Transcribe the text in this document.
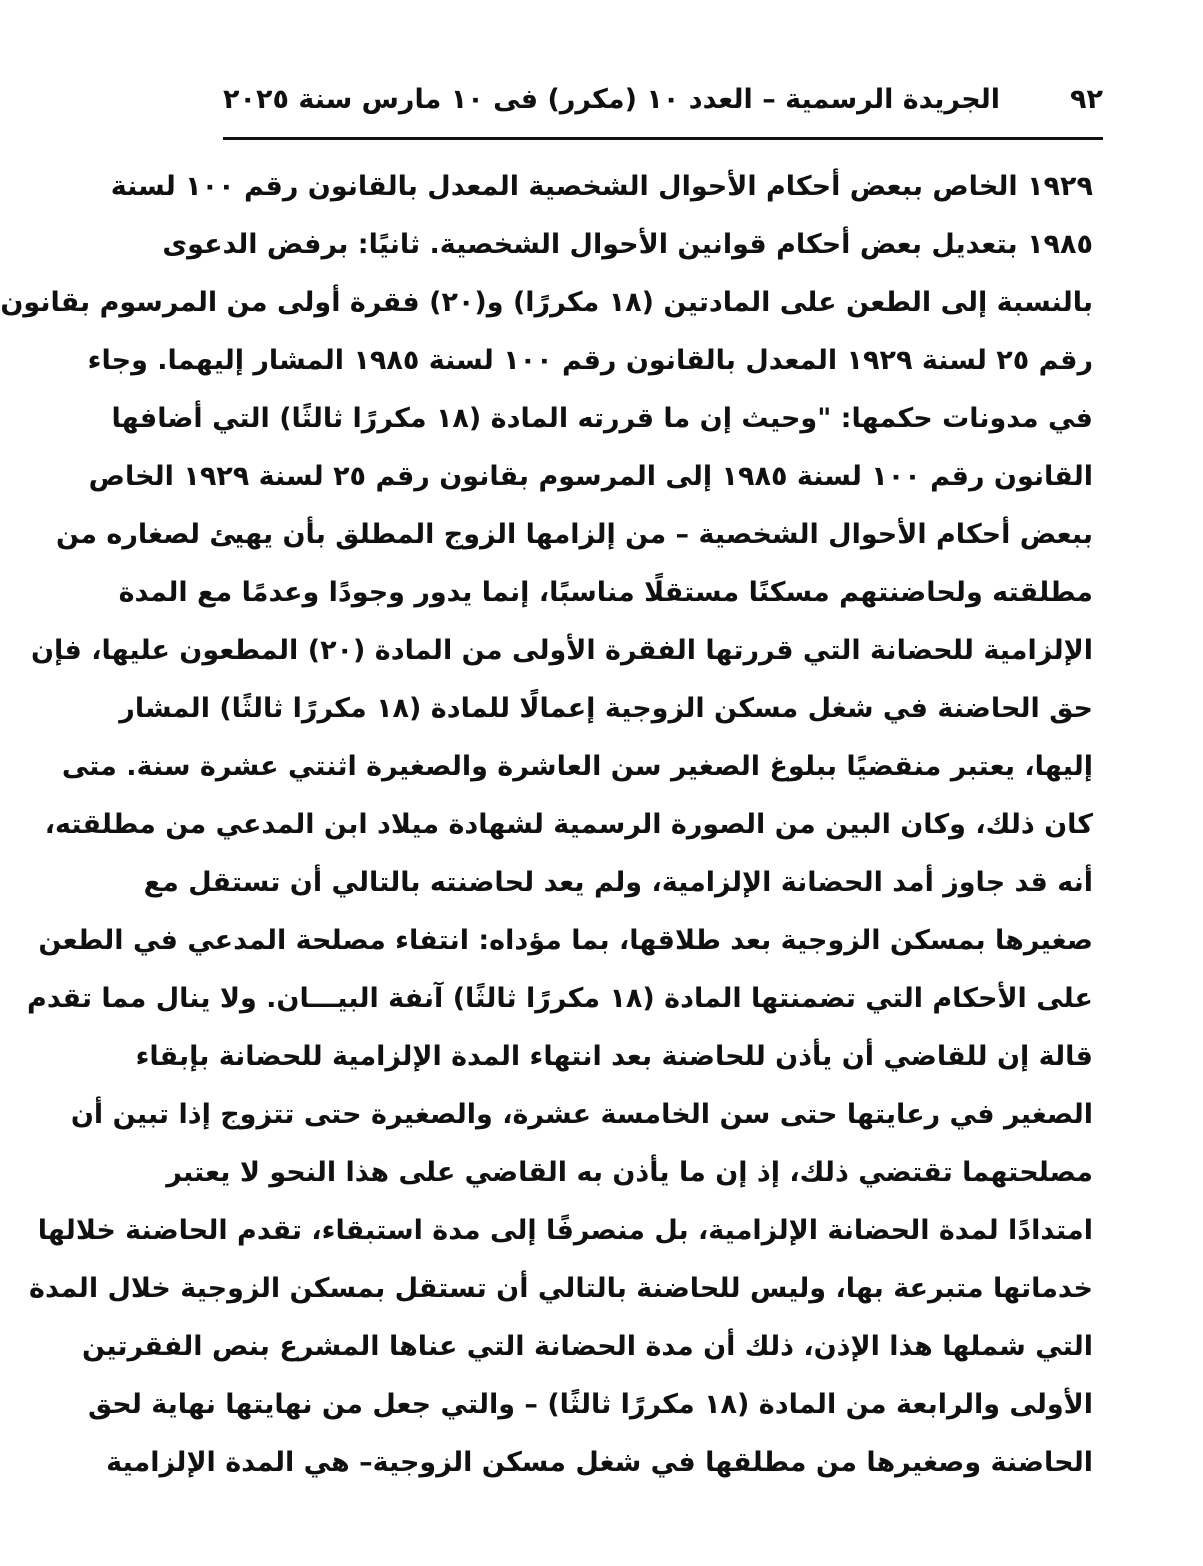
٩٢
الجريدة الرسمية – العدد ١٠ (مكرر) فى ١٠ مارس سنة ٢٠٢٥
١٩٢٩ الخاص ببعض أحكام الأحوال الشخصية المعدل بالقانون رقم ١٠٠ لسنة
١٩٨٥ بتعديل بعض أحكام قوانين الأحوال الشخصية. ثانيًا: برفض الدعوى
بالنسبة إلى الطعن على المادتين (١٨ مكررًا) و(٢٠) فقرة أولى من المرسوم بقانون
رقم ٢٥ لسنة ١٩٢٩ المعدل بالقانون رقم ١٠٠ لسنة ١٩٨٥ المشار إليهما. وجاء
في مدونات حكمها: "وحيث إن ما قررته المادة (١٨ مكررًا ثالثًا) التي أضافها
القانون رقم ١٠٠ لسنة ١٩٨٥ إلى المرسوم بقانون رقم ٢٥ لسنة ١٩٢٩ الخاص
ببعض أحكام الأحوال الشخصية – من إلزامها الزوج المطلق بأن يهيئ لصغاره من
مطلقته ولحاضنتهم مسكنًا مستقلًا مناسبًا، إنما يدور وجودًا وعدمًا مع المدة
الإلزامية للحضانة التي قررتها الفقرة الأولى من المادة (٢٠) المطعون عليها، فإن
حق الحاضنة في شغل مسكن الزوجية إعمالًا للمادة (١٨ مكررًا ثالثًا) المشار
إليها، يعتبر منقضيًا ببلوغ الصغير سن العاشرة والصغيرة اثنتي عشرة سنة. متى
كان ذلك، وكان البين من الصورة الرسمية لشهادة ميلاد ابن المدعي من مطلقته،
أنه قد جاوز أمد الحضانة الإلزامية، ولم يعد لحاضنته بالتالي أن تستقل مع
صغيرها بمسكن الزوجية بعد طلاقها، بما مؤداه: انتفاء مصلحة المدعي في الطعن
على الأحكام التي تضمنتها المادة (١٨ مكررًا ثالثًا) آنفة البيـــان. ولا ينال مما تقدم
قالة إن للقاضي أن يأذن للحاضنة بعد انتهاء المدة الإلزامية للحضانة بإبقاء
الصغير في رعايتها حتى سن الخامسة عشرة، والصغيرة حتى تتزوج إذا تبين أن
مصلحتهما تقتضي ذلك، إذ إن ما يأذن به القاضي على هذا النحو لا يعتبر
امتدادًا لمدة الحضانة الإلزامية، بل منصرفًا إلى مدة استبقاء، تقدم الحاضنة خلالها
خدماتها متبرعة بها، وليس للحاضنة بالتالي أن تستقل بمسكن الزوجية خلال المدة
التي شملها هذا الإذن، ذلك أن مدة الحضانة التي عناها المشرع بنص الفقرتين
الأولى والرابعة من المادة (١٨ مكررًا ثالثًا) – والتي جعل من نهايتها نهاية لحق
الحاضنة وصغيرها من مطلقها في شغل مسكن الزوجية– هي المدة الإلزامية
